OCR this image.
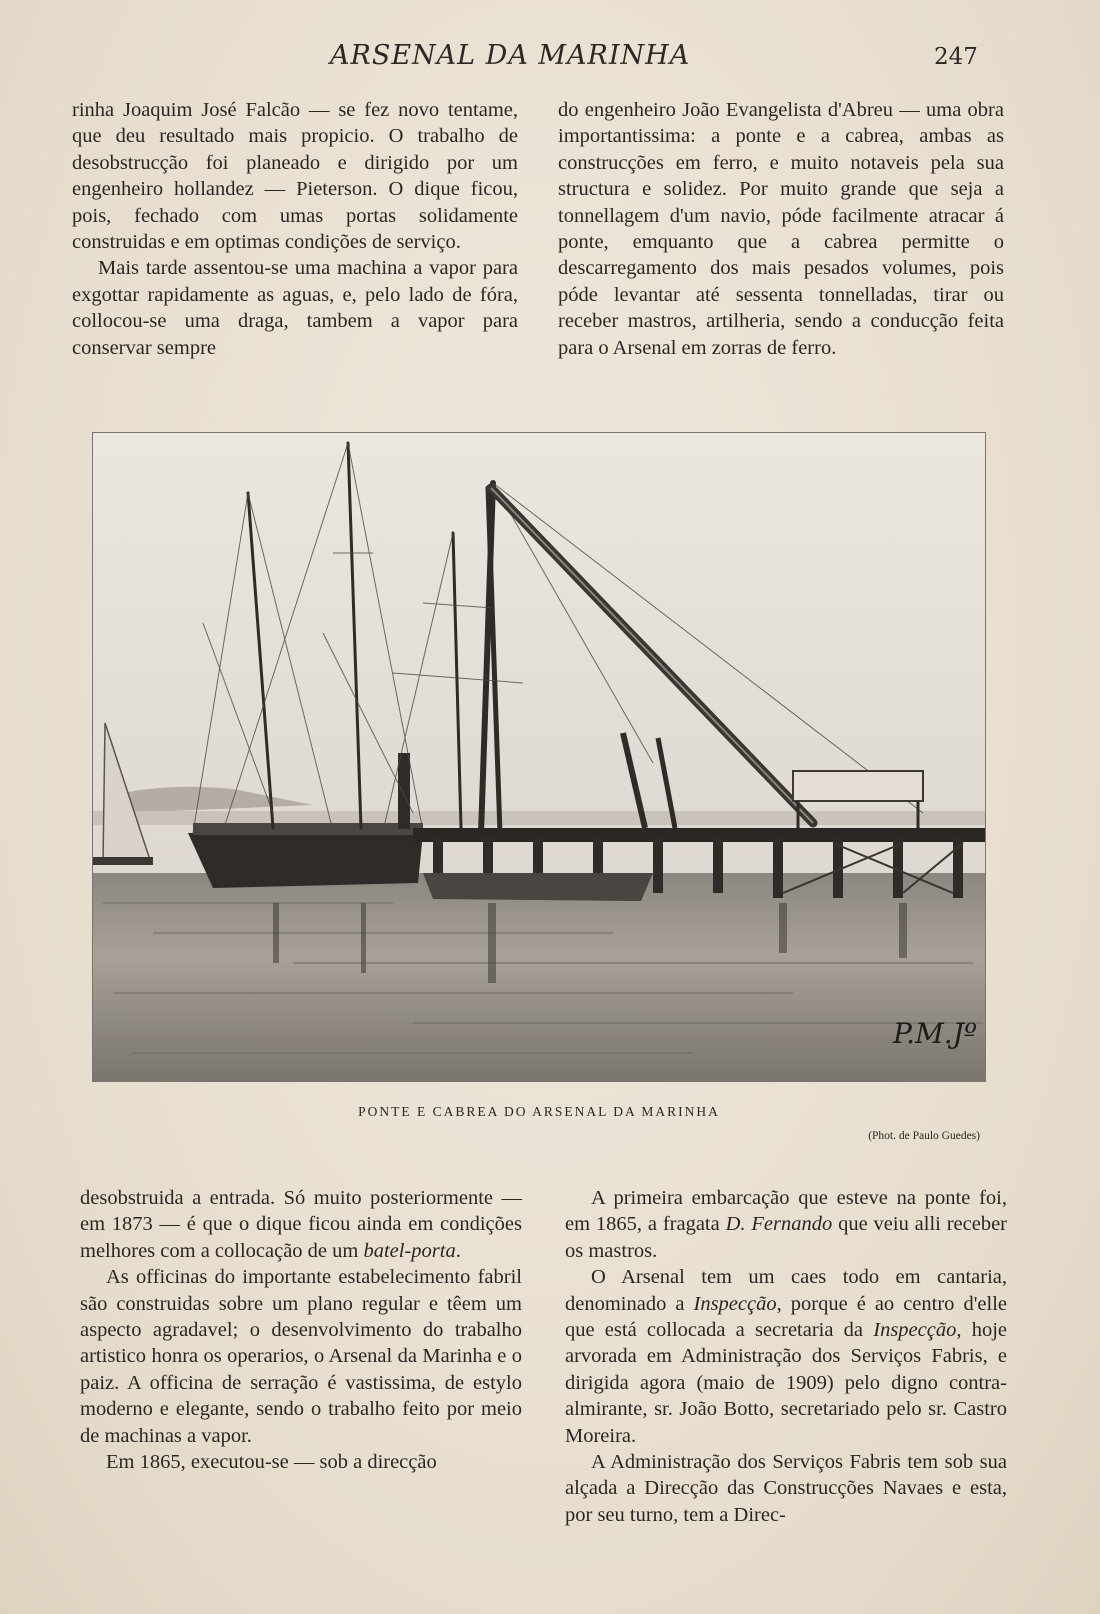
ARSENAL DA MARINHA	247

rinha Joaquim José Falcão — se fez novo tentame, que deu resultado mais propicio. O trabalho de desobstrucção foi planeado e dirigido por um engenheiro hollandez — Pieterson. O dique ficou, pois, fechado com umas portas solidamente construidas e em optimas condições de serviço.

Mais tarde assentou-se uma machina a vapor para exgottar rapidamente as aguas, e, pelo lado de fóra, collocou-se uma draga, tambem a vapor para conservar sempre

do engenheiro João Evangelista d'Abreu — uma obra importantissima: a ponte e a cabrea, ambas as construcções em ferro, e muito notaveis pela sua structura e solidez. Por muito grande que seja a tonnellagem d'um navio, póde facilmente atracar á ponte, emquanto que a cabrea permitte o descarregamento dos mais pesados volumes, pois póde levantar até sessenta tonnelladas, tirar ou receber mastros, artilheria, sendo a conducção feita para o Arsenal em zorras de ferro.

P.M.Jº
PONTE E CABREA DO ARSENAL DA MARINHA
(Phot. de Paulo Guedes)

desobstruida a entrada. Só muito posteriormente — em 1873 — é que o dique ficou ainda em condições melhores com a collocação de um batel-porta.

As officinas do importante estabelecimento fabril são construidas sobre um plano regular e têem um aspecto agradavel; o desenvolvimento do trabalho artistico honra os operarios, o Arsenal da Marinha e o paiz. A officina de serração é vastissima, de estylo moderno e elegante, sendo o trabalho feito por meio de machinas a vapor.

Em 1865, executou-se — sob a direcção

A primeira embarcação que esteve na ponte foi, em 1865, a fragata D. Fernando que veiu alli receber os mastros.

O Arsenal tem um caes todo em cantaria, denominado a Inspecção, porque é ao centro d'elle que está collocada a secretaria da Inspecção, hoje arvorada em Administração dos Serviços Fabris, e dirigida agora (maio de 1909) pelo digno contra-almirante, sr. João Botto, secretariado pelo sr. Castro Moreira.

A Administração dos Serviços Fabris tem sob sua alçada a Direcção das Construcções Navaes e esta, por seu turno, tem a Direc-
